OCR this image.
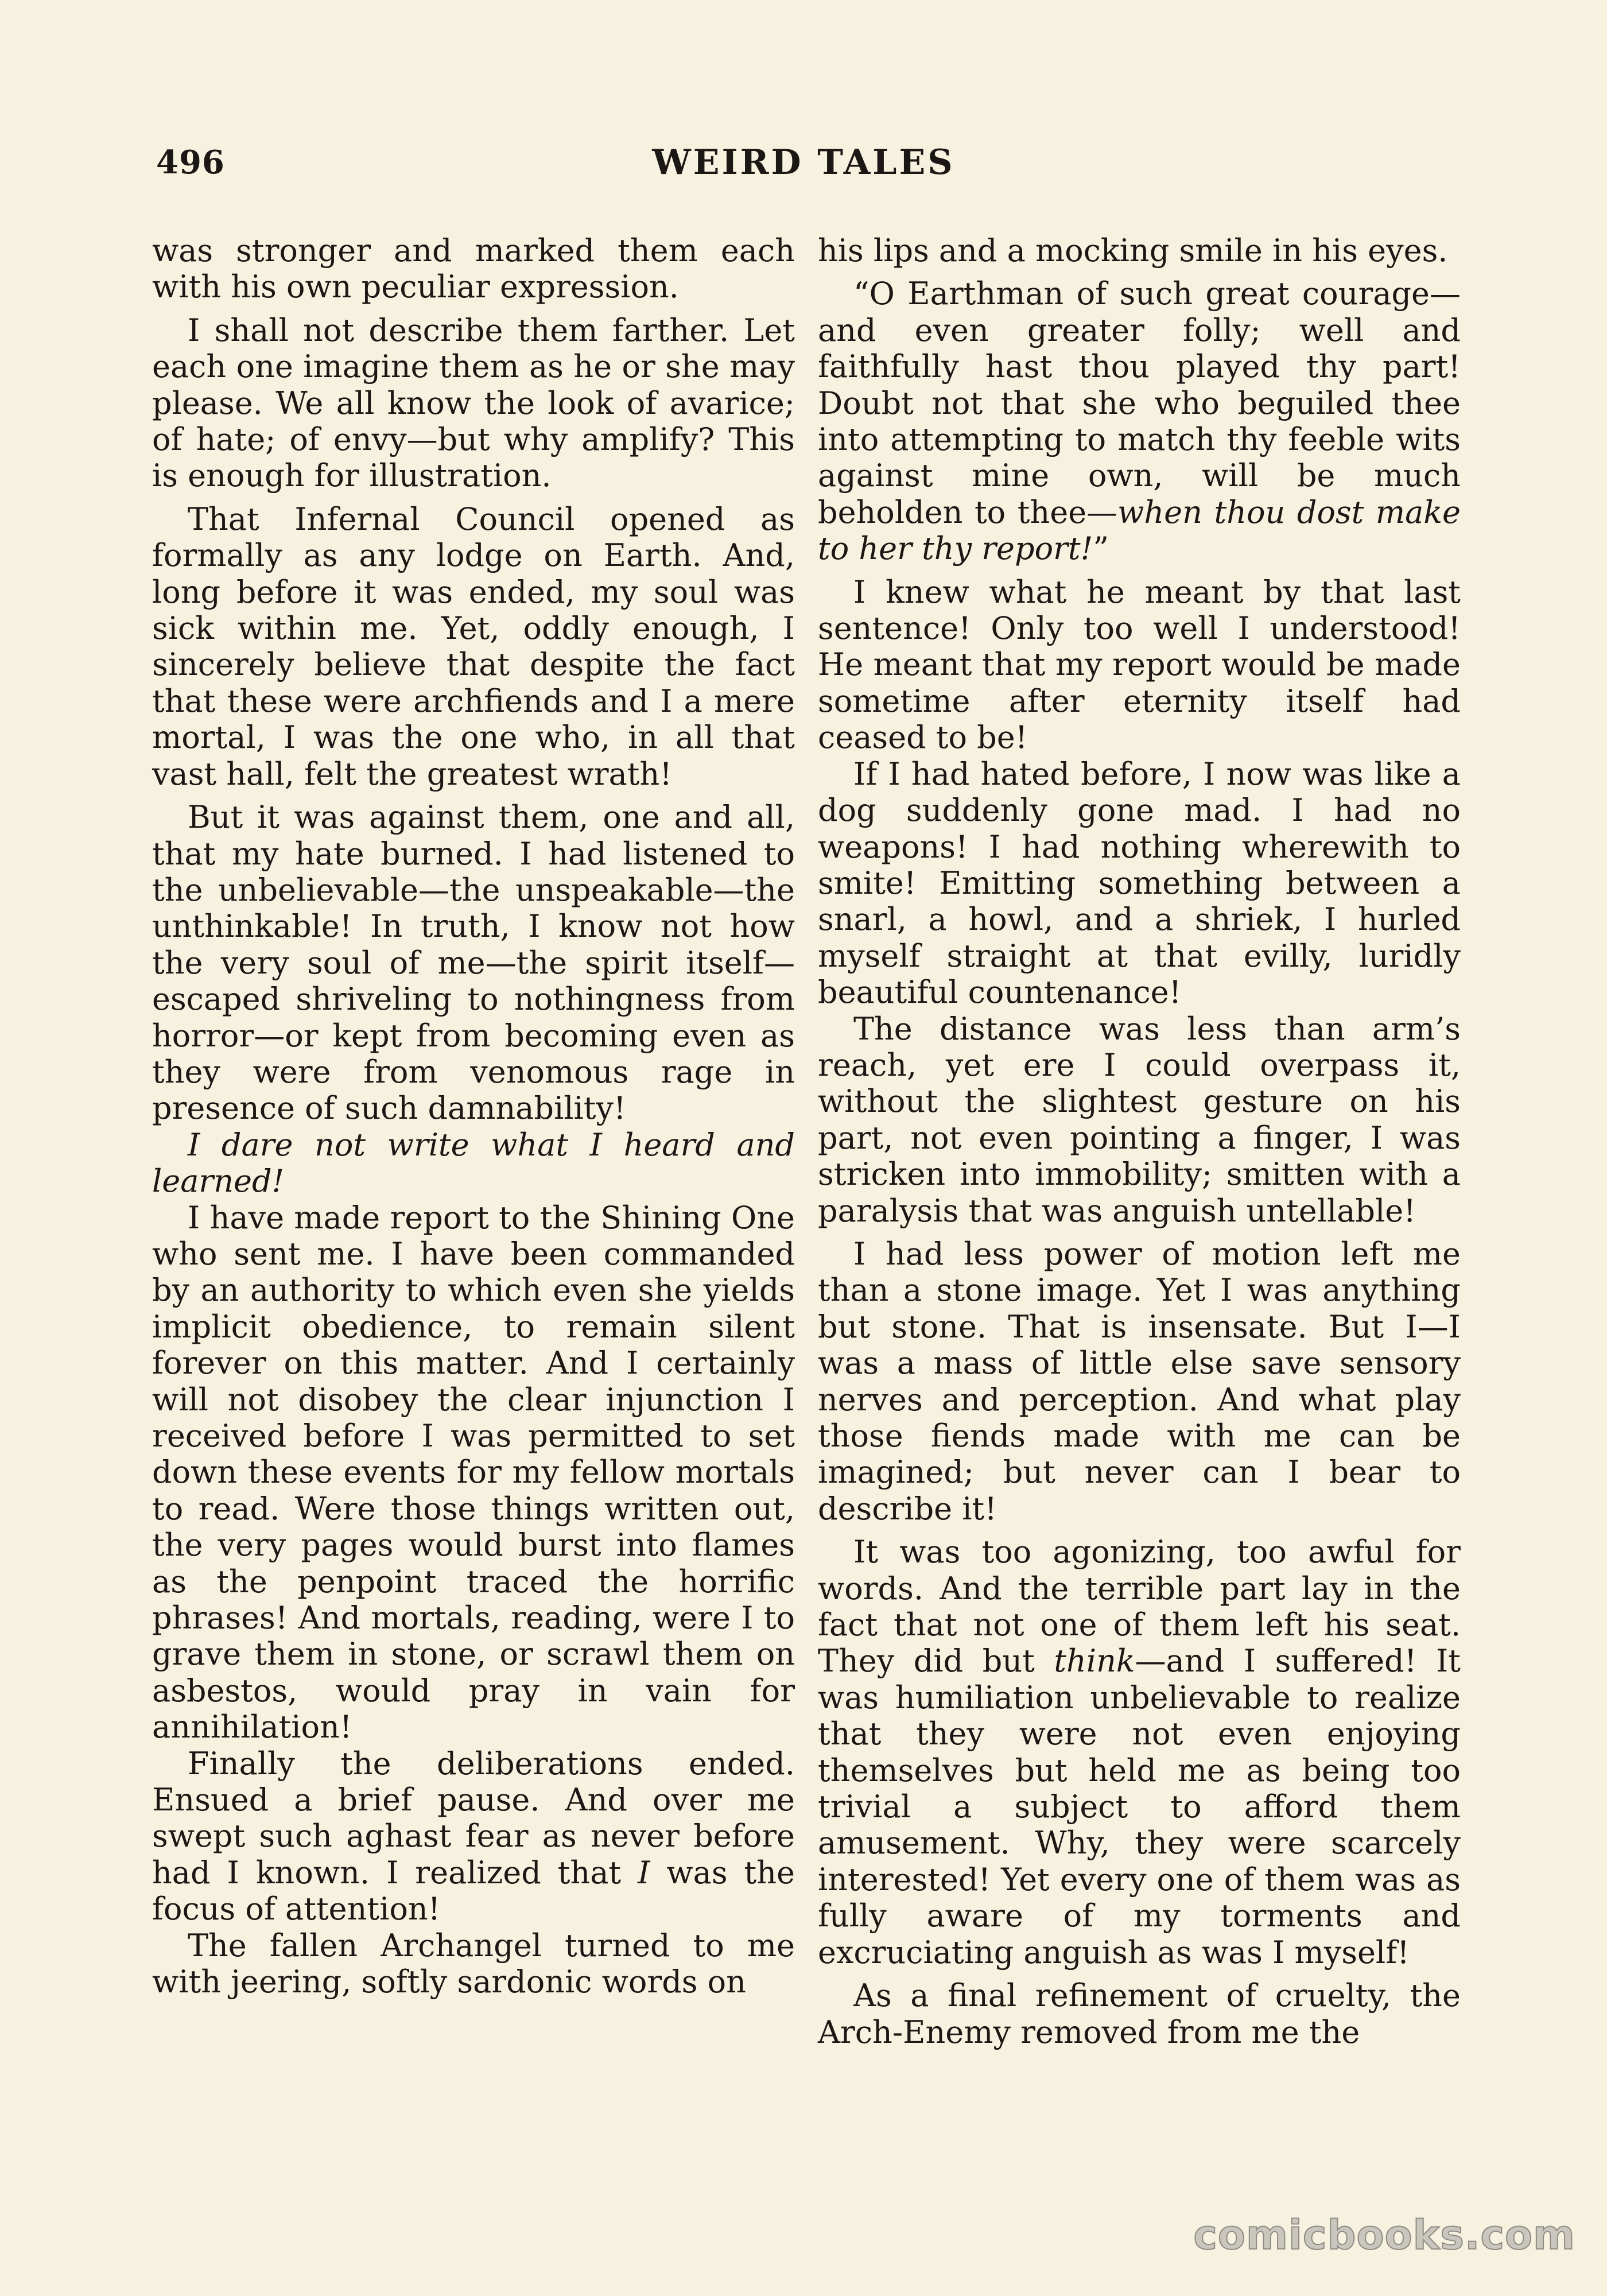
496	WEIRD TALES

was stronger and marked them each with his own peculiar expression.

I shall not describe them farther. Let each one imagine them as he or she may please. We all know the look of avarice; of hate; of envy—but why amplify? This is enough for illustration.

That Infernal Council opened as formally as any lodge on Earth. And, long before it was ended, my soul was sick within me. Yet, oddly enough, I sincerely believe that despite the fact that these were archfiends and I a mere mortal, I was the one who, in all that vast hall, felt the greatest wrath!

But it was against them, one and all, that my hate burned. I had listened to the unbelievable—the unspeakable—the unthinkable! In truth, I know not how the very soul of me—the spirit itself—escaped shriveling to nothingness from horror—or kept from becoming even as they were from venomous rage in presence of such damnability!

I dare not write what I heard and learned!

I have made report to the Shining One who sent me. I have been commanded by an authority to which even she yields implicit obedience, to remain silent forever on this matter. And I certainly will not disobey the clear injunction I received before I was permitted to set down these events for my fellow mortals to read. Were those things written out, the very pages would burst into flames as the penpoint traced the horrific phrases! And mortals, reading, were I to grave them in stone, or scrawl them on asbestos, would pray in vain for annihilation!

Finally the deliberations ended. Ensued a brief pause. And over me swept such aghast fear as never before had I known. I realized that I was the focus of attention!

The fallen Archangel turned to me with jeering, softly sardonic words on

his lips and a mocking smile in his eyes.

“O Earthman of such great courage—and even greater folly; well and faithfully hast thou played thy part! Doubt not that she who beguiled thee into attempting to match thy feeble wits against mine own, will be much beholden to thee—when thou dost make to her thy report!”

I knew what he meant by that last sentence! Only too well I understood! He meant that my report would be made sometime after eternity itself had ceased to be!

If I had hated before, I now was like a dog suddenly gone mad. I had no weapons! I had nothing wherewith to smite! Emitting something between a snarl, a howl, and a shriek, I hurled myself straight at that evilly, luridly beautiful countenance!

The distance was less than arm’s reach, yet ere I could overpass it, without the slightest gesture on his part, not even pointing a finger, I was stricken into immobility; smitten with a paralysis that was anguish untellable!

I had less power of motion left me than a stone image. Yet I was anything but stone. That is insensate. But I—I was a mass of little else save sensory nerves and perception. And what play those fiends made with me can be imagined; but never can I bear to describe it!

It was too agonizing, too awful for words. And the terrible part lay in the fact that not one of them left his seat. They did but think—and I suffered! It was humiliation unbelievable to realize that they were not even enjoying themselves but held me as being too trivial a subject to afford them amusement. Why, they were scarcely interested! Yet every one of them was as fully aware of my torments and excruciating anguish as was I myself!

As a final refinement of cruelty, the Arch-Enemy removed from me the

comicbooks.com
